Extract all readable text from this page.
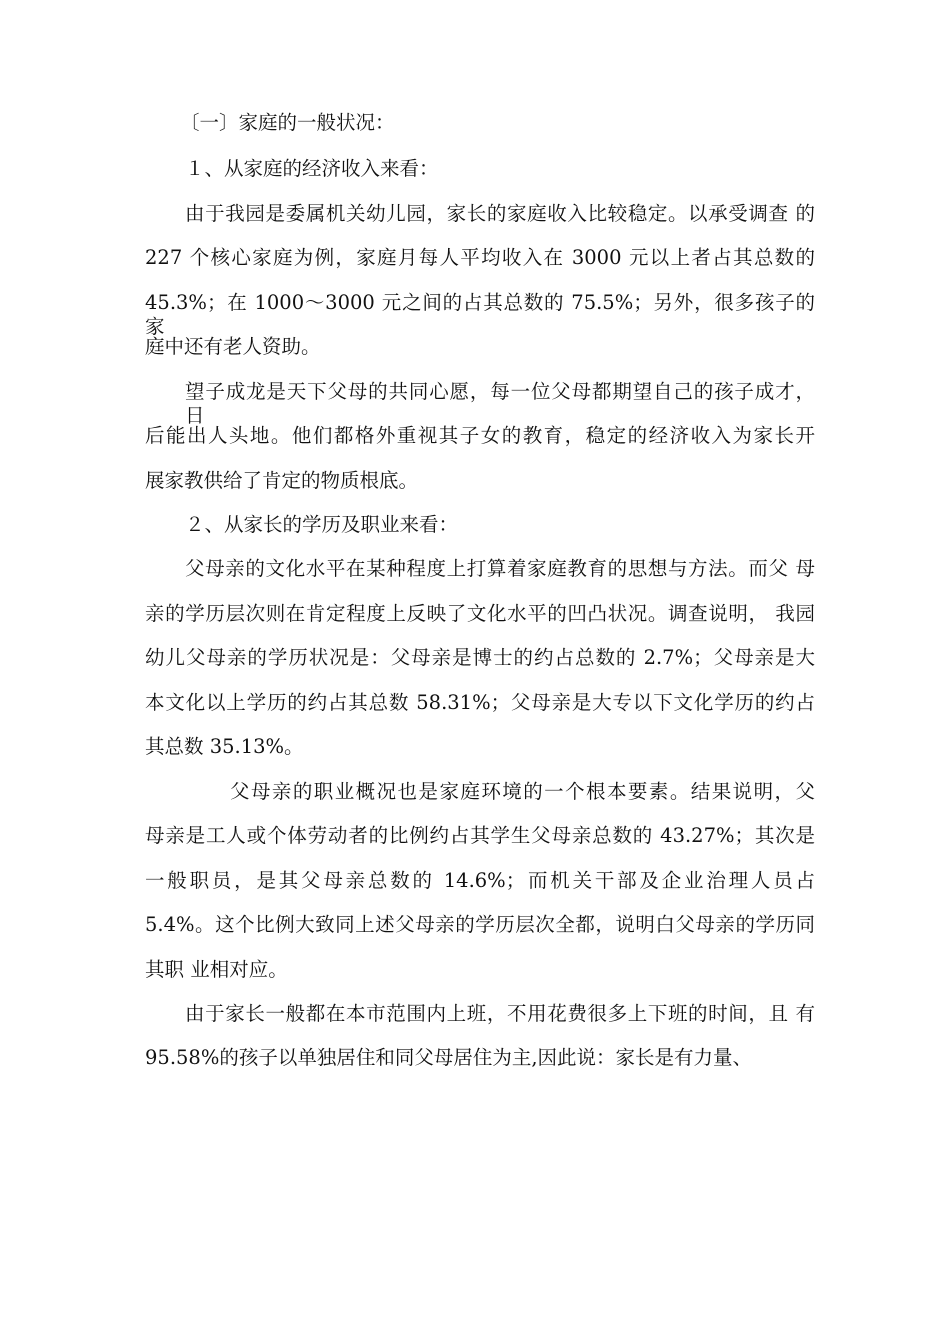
〔一〕家庭的一般状况：
１、从家庭的经济收入来看：
由于我园是委属机关幼儿园，家长的家庭收入比较稳定。以承受调查 的
227 个核心家庭为例，家庭月每人平均收入在 3000 元以上者占其总数的
45.3%；在 1000～3000 元之间的占其总数的 75.5%；另外，很多孩子的家
庭中还有老人资助。
望子成龙是天下父母的共同心愿，每一位父母都期望自己的孩子成才， 日
后能出人头地。他们都格外重视其子女的教育，稳定的经济收入为家长开
展家教供给了肯定的物质根底。
２、从家长的学历及职业来看：
父母亲的文化水平在某种程度上打算着家庭教育的思想与方法。而父 母
亲的学历层次则在肯定程度上反映了文化水平的凹凸状况。调查说明， 我园
幼儿父母亲的学历状况是：父母亲是博士的约占总数的 2.7%；父母亲是大
本文化以上学历的约占其总数 58.31%；父母亲是大专以下文化学历的约占
其总数 35.13%。
父母亲的职业概况也是家庭环境的一个根本要素。结果说明，父
母亲是工人或个体劳动者的比例约占其学生父母亲总数的 43.27%；其次是
一般职员，是其父母亲总数的 14.6%；而机关干部及企业治理人员占
5.4%。这个比例大致同上述父母亲的学历层次全都，说明白父母亲的学历同
其职 业相对应。
由于家长一般都在本市范围内上班，不用花费很多上下班的时间，且 有
95.58%的孩子以单独居住和同父母居住为主,因此说：家长是有力量、
